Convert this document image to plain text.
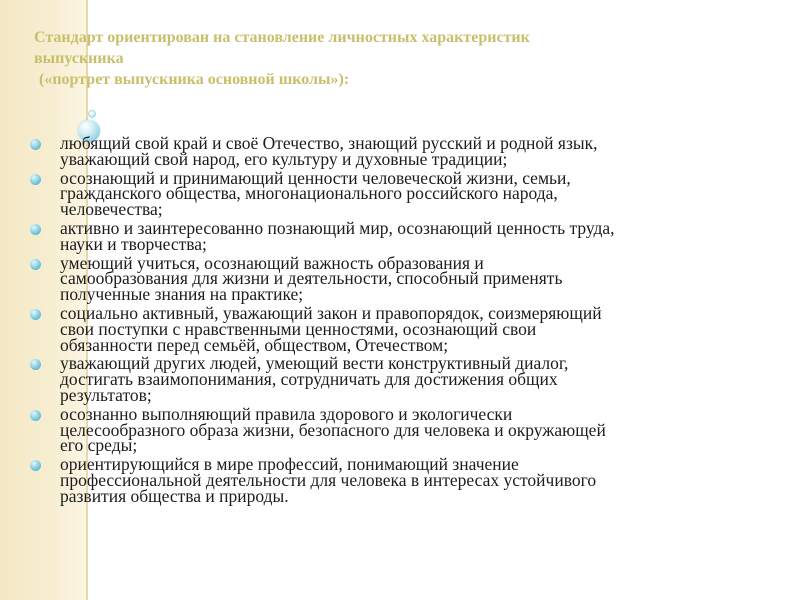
Стандарт ориентирован на становление личностных характеристик
выпускника
(«портрет выпускника основной школы»):
любящий свой край и своё Отечество, знающий русский и родной язык,
уважающий свой народ, его культуру и духовные традиции;
осознающий и принимающий ценности человеческой жизни, семьи,
гражданского общества, многонационального российского народа,
человечества;
активно и заинтересованно познающий мир, осознающий ценность труда,
науки и творчества;
умеющий учиться, осознающий важность образования и
самообразования для жизни и деятельности, способный применять
полученные знания на практике;
социально активный, уважающий закон и правопорядок, соизмеряющий
свои поступки с нравственными ценностями, осознающий свои
обязанности перед семьёй, обществом, Отечеством;
уважающий других людей, умеющий вести конструктивный диалог,
достигать взаимопонимания, сотрудничать для достижения общих
результатов;
осознанно выполняющий правила здорового и экологически
целесообразного образа жизни, безопасного для человека и окружающей
его среды;
ориентирующийся в мире профессий, понимающий значение
профессиональной деятельности для человека в интересах устойчивого
развития общества и природы.
